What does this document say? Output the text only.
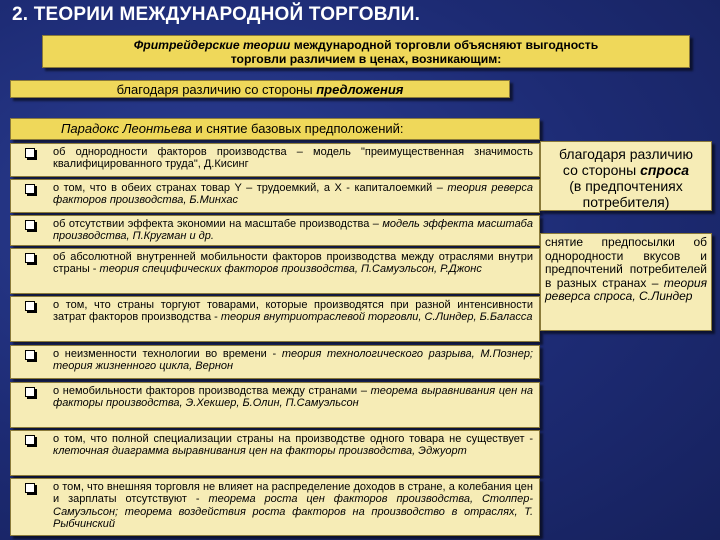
2. ТЕОРИИ МЕЖДУНАРОДНОЙ ТОРГОВЛИ.
Фритрейдерские теории международной торговли объясняют выгодность
торговли различием в ценах, возникающим:
благодаря различию со стороны предложения
Парадокс Леонтьева и снятие базовых предположений:
об однородности факторов производства – модель "преимущественная значимость квалифицированного труда", Д.Кисинг
о том, что в обеих странах товар Y – трудоемкий, а X - капиталоемкий – теория реверса факторов производства, Б.Минхас
об отсутствии эффекта экономии на масштабе производства – модель эффекта масштаба производства, П.Кругман и др.
об абсолютной внутренней мобильности факторов производства между отраслями внутри страны - теория специфических факторов производства, П.Самуэльсон, Р.Джонс
о том, что страны торгуют товарами, которые производятся при разной интенсивности затрат факторов производства - теория внутриотраслевой торговли, С.Линдер, Б.Баласса
о неизменности технологии во времени - теория технологического разрыва, М.Познер; теория жизненного цикла, Вернон
о немобильности факторов производства между странами – теорема выравнивания цен на факторы производства, Э.Хекшер, Б.Олин, П.Самуэльсон
о том, что полной специализации страны на производстве одного товара не существует - клеточная диаграмма выравнивания цен на факторы производства, Эджуорт
о том, что внешняя торговля не влияет на распределение доходов в стране, а колебания цен и зарплаты отсутствуют - теорема роста цен факторов производства, Столпер-Самуэльсон; теорема воздействия роста факторов на производство в отраслях, Т. Рыбчинский
благодаря различию
со стороны спроса
(в предпочтениях
потребителя)
снятие предпосылки об однородности вкусов и предпочтений потребителей в разных странах – теория реверса спроса, С.Линдер
